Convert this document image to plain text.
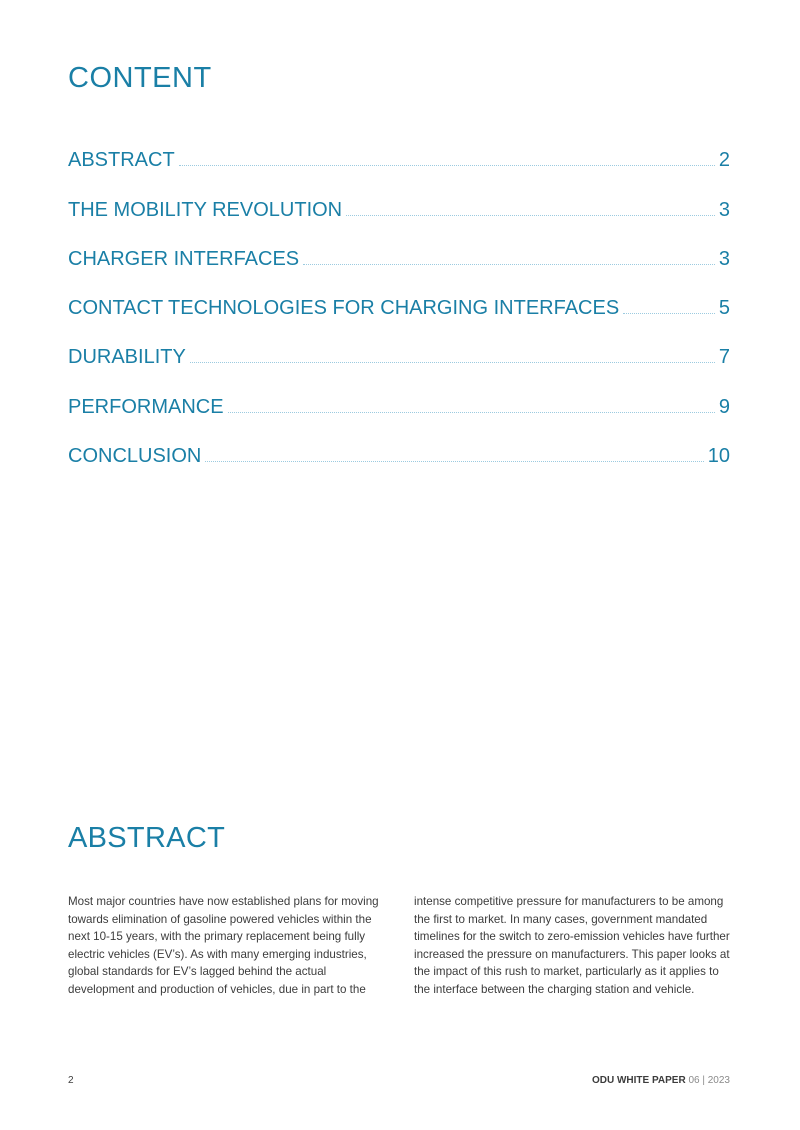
CONTENT
ABSTRACT	2
THE MOBILITY REVOLUTION	3
CHARGER INTERFACES	3
CONTACT TECHNOLOGIES FOR CHARGING INTERFACES	5
DURABILITY	7
PERFORMANCE	9
CONCLUSION	10
ABSTRACT

Most major countries have now established plans for moving towards elimination of gasoline powered vehicles within the next 10-15 years, with the primary replacement being fully electric vehicles (EV’s). As with many emerging industries, global standards for EV’s lagged behind the actual development and production of vehicles, due in part to the intense competitive pressure for manufacturers to be among the first to market. In many cases, government mandated timelines for the switch to zero-emission vehicles have further increased the pressure on manufacturers. This paper looks at the impact of this rush to market, particularly as it applies to the interface between the charging station and vehicle.

2	ODU WHITE PAPER 06 | 2023
